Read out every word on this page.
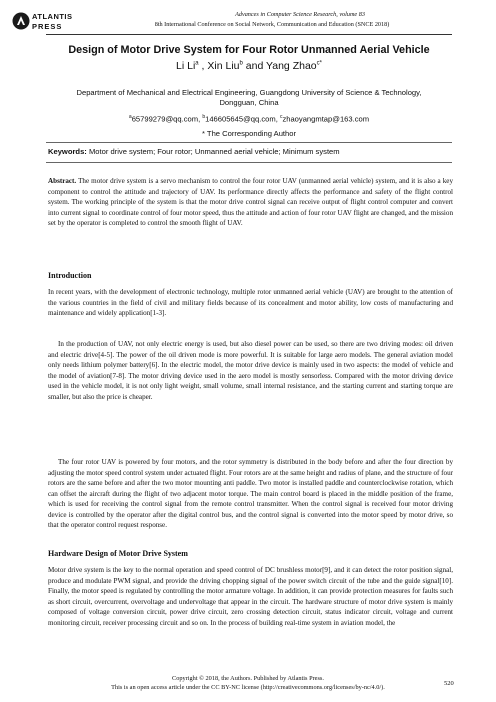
ATLANTIS
PRESS
Advances in Computer Science Research, volume 83
8th International Conference on Social Network, Communication and Education (SNCE 2018)
Design of Motor Drive System for Four Rotor Unmanned Aerial Vehicle
Li Li$^a$ , Xin Liu$^b$ and Yang Zhao$^{c*}$
Department of Mechanical and Electrical Engineering, Guangdong University of Science & Technology, Dongguan, China
$^a$65799279@qq.com, $^b$146605645@qq.com, $^c$zhaoyangmtap@163.com
* The Corresponding Author
Keywords: Motor drive system; Four rotor; Unmanned aerial vehicle; Minimum system

Abstract. The motor drive system is a servo mechanism to control the four rotor UAV (unmanned aerial vehicle) system, and it is also a key component to control the attitude and trajectory of UAV. Its performance directly affects the performance and safety of the flight control system. The working principle of the system is that the motor drive control signal can receive output of flight control computer and convert into current signal to coordinate control of four motor speed, thus the attitude and action of four rotor UAV flight are changed, and the mission set by the operator is completed to control the smooth flight of UAV.

Introduction

In recent years, with the development of electronic technology, multiple rotor unmanned aerial vehicle (UAV) are brought to the attention of the various countries in the field of civil and military fields because of its concealment and motor ability, low costs of manufacturing and maintenance and widely application[1-3].

In the production of UAV, not only electric energy is used, but also diesel power can be used, so there are two driving modes: oil driven and electric drive[4-5]. The power of the oil driven mode is more powerful. It is suitable for large aero models. The general aviation model only needs lithium polymer battery[6]. In the electric model, the motor drive device is mainly used in two aspects: the model of vehicle and the model of aviation[7-8]. The motor driving device used in the aero model is mostly sensorless. Compared with the motor driving device used in the vehicle model, it is not only light weight, small volume, small internal resistance, and the starting current and starting torque are smaller, but also the price is cheaper.

The four rotor UAV is powered by four motors, and the rotor symmetry is distributed in the body before and after the four direction by adjusting the motor speed control system under actuated flight. Four rotors are at the same height and radius of plane, and the structure of four rotors are the same before and after the two motor mounting anti paddle. Two motor is installed paddle and counterclockwise rotation, which can offset the aircraft during the flight of two adjacent motor torque. The main control board is placed in the middle position of the frame, which is used for receiving the control signal from the remote control transmitter. When the control signal is received four motor driving device is controlled by the operator after the digital control bus, and the control signal is converted into the motor speed by motor drive, so that the operator control request response.

Hardware Design of Motor Drive System

Motor drive system is the key to the normal operation and speed control of DC brushless motor[9], and it can detect the rotor position signal, produce and modulate PWM signal, and provide the driving chopping signal of the power switch circuit of the tube and the guide signal[10]. Finally, the motor speed is regulated by controlling the motor armature voltage. In addition, it can provide protection measures for faults such as short circuit, overcurrent, overvoltage and undervoltage that appear in the circuit. The hardware structure of motor drive system is mainly composed of voltage conversion circuit, power drive circuit, zero crossing detection circuit, status indicator circuit, voltage and current monitoring circuit, receiver processing circuit and so on. In the process of building real-time system in aviation model, the

Copyright © 2018, the Authors. Published by Atlantis Press.
This is an open access article under the CC BY-NC license (http://creativecommons.org/licenses/by-nc/4.0/).
520
